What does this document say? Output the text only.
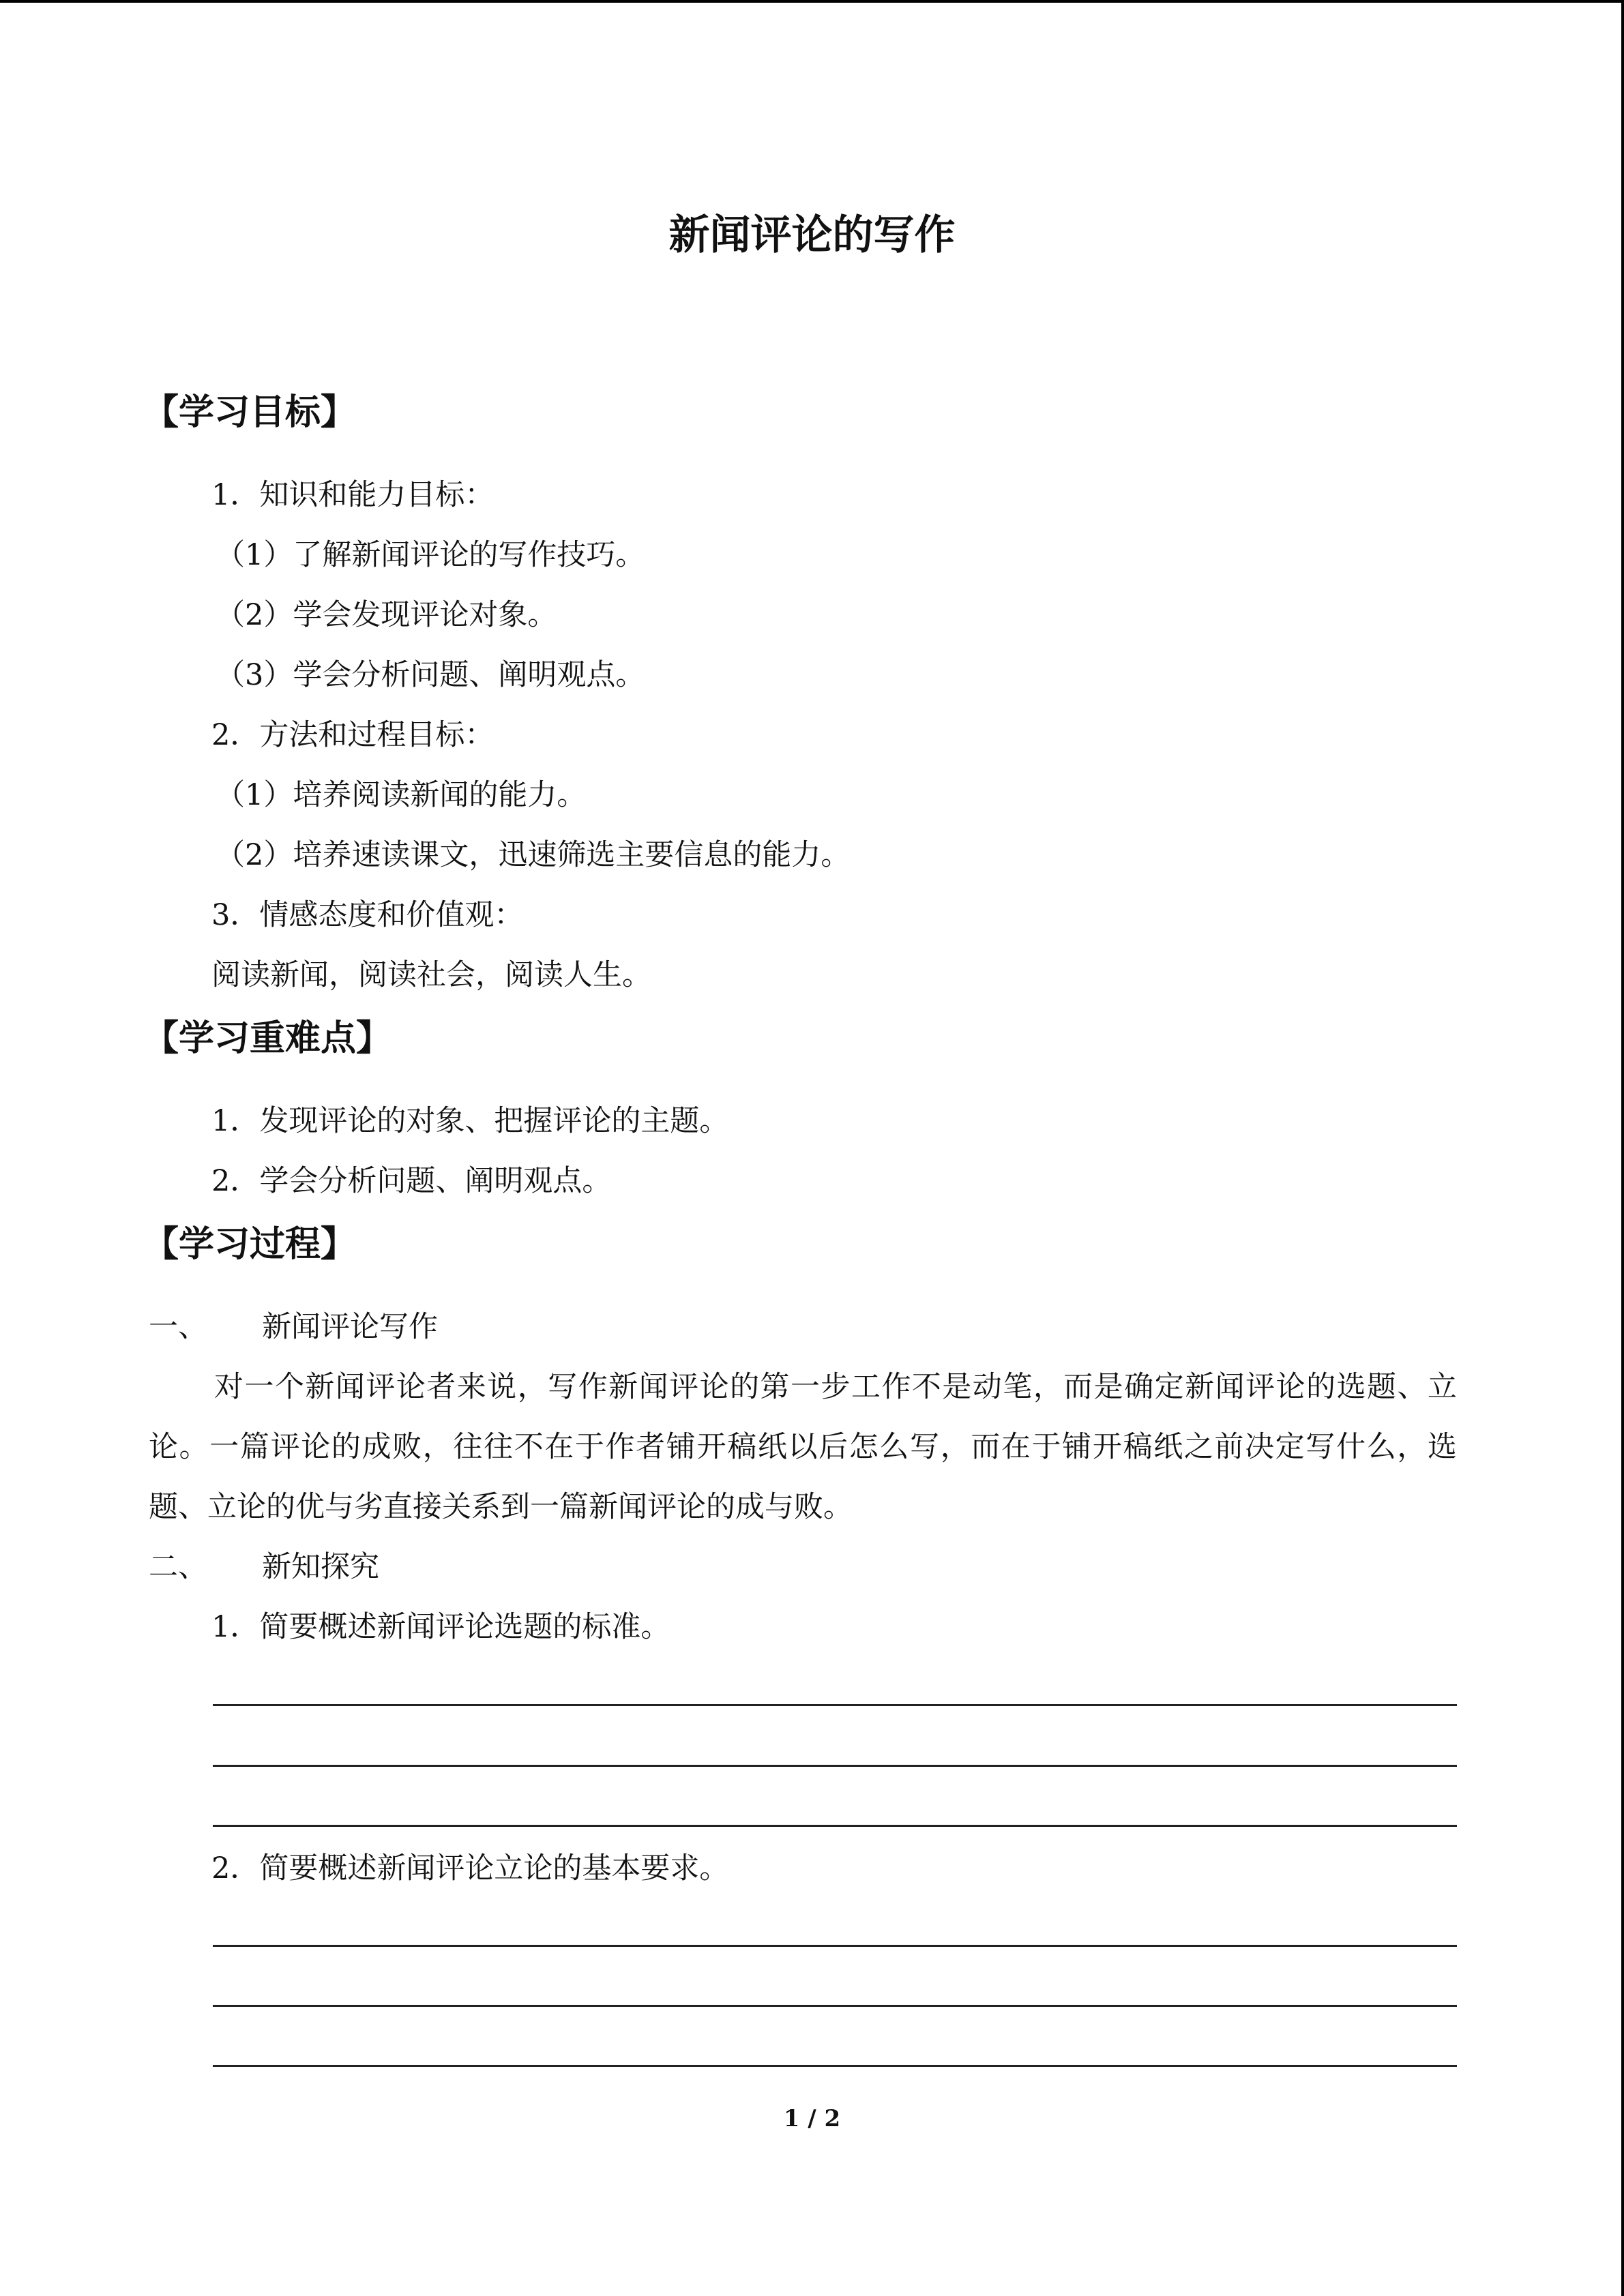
新闻评论的写作
【学习目标】
1．知识和能力目标：
（1）了解新闻评论的写作技巧。
（2）学会发现评论对象。
（3）学会分析问题、阐明观点。
2．方法和过程目标：
（1）培养阅读新闻的能力。
（2）培养速读课文，迅速筛选主要信息的能力。
3．情感态度和价值观：
阅读新闻，阅读社会，阅读人生。
【学习重难点】
1．发现评论的对象、把握评论的主题。
2．学会分析问题、阐明观点。
【学习过程】
一、 新闻评论写作
对一个新闻评论者来说，写作新闻评论的第一步工作不是动笔，而是确定新闻评论的选题、立论。一篇评论的成败，往往不在于作者铺开稿纸以后怎么写，而在于铺开稿纸之前决定写什么，选题、立论的优与劣直接关系到一篇新闻评论的成与败。
二、 新知探究
1．简要概述新闻评论选题的标准。
2．简要概述新闻评论立论的基本要求。
1 / 2
